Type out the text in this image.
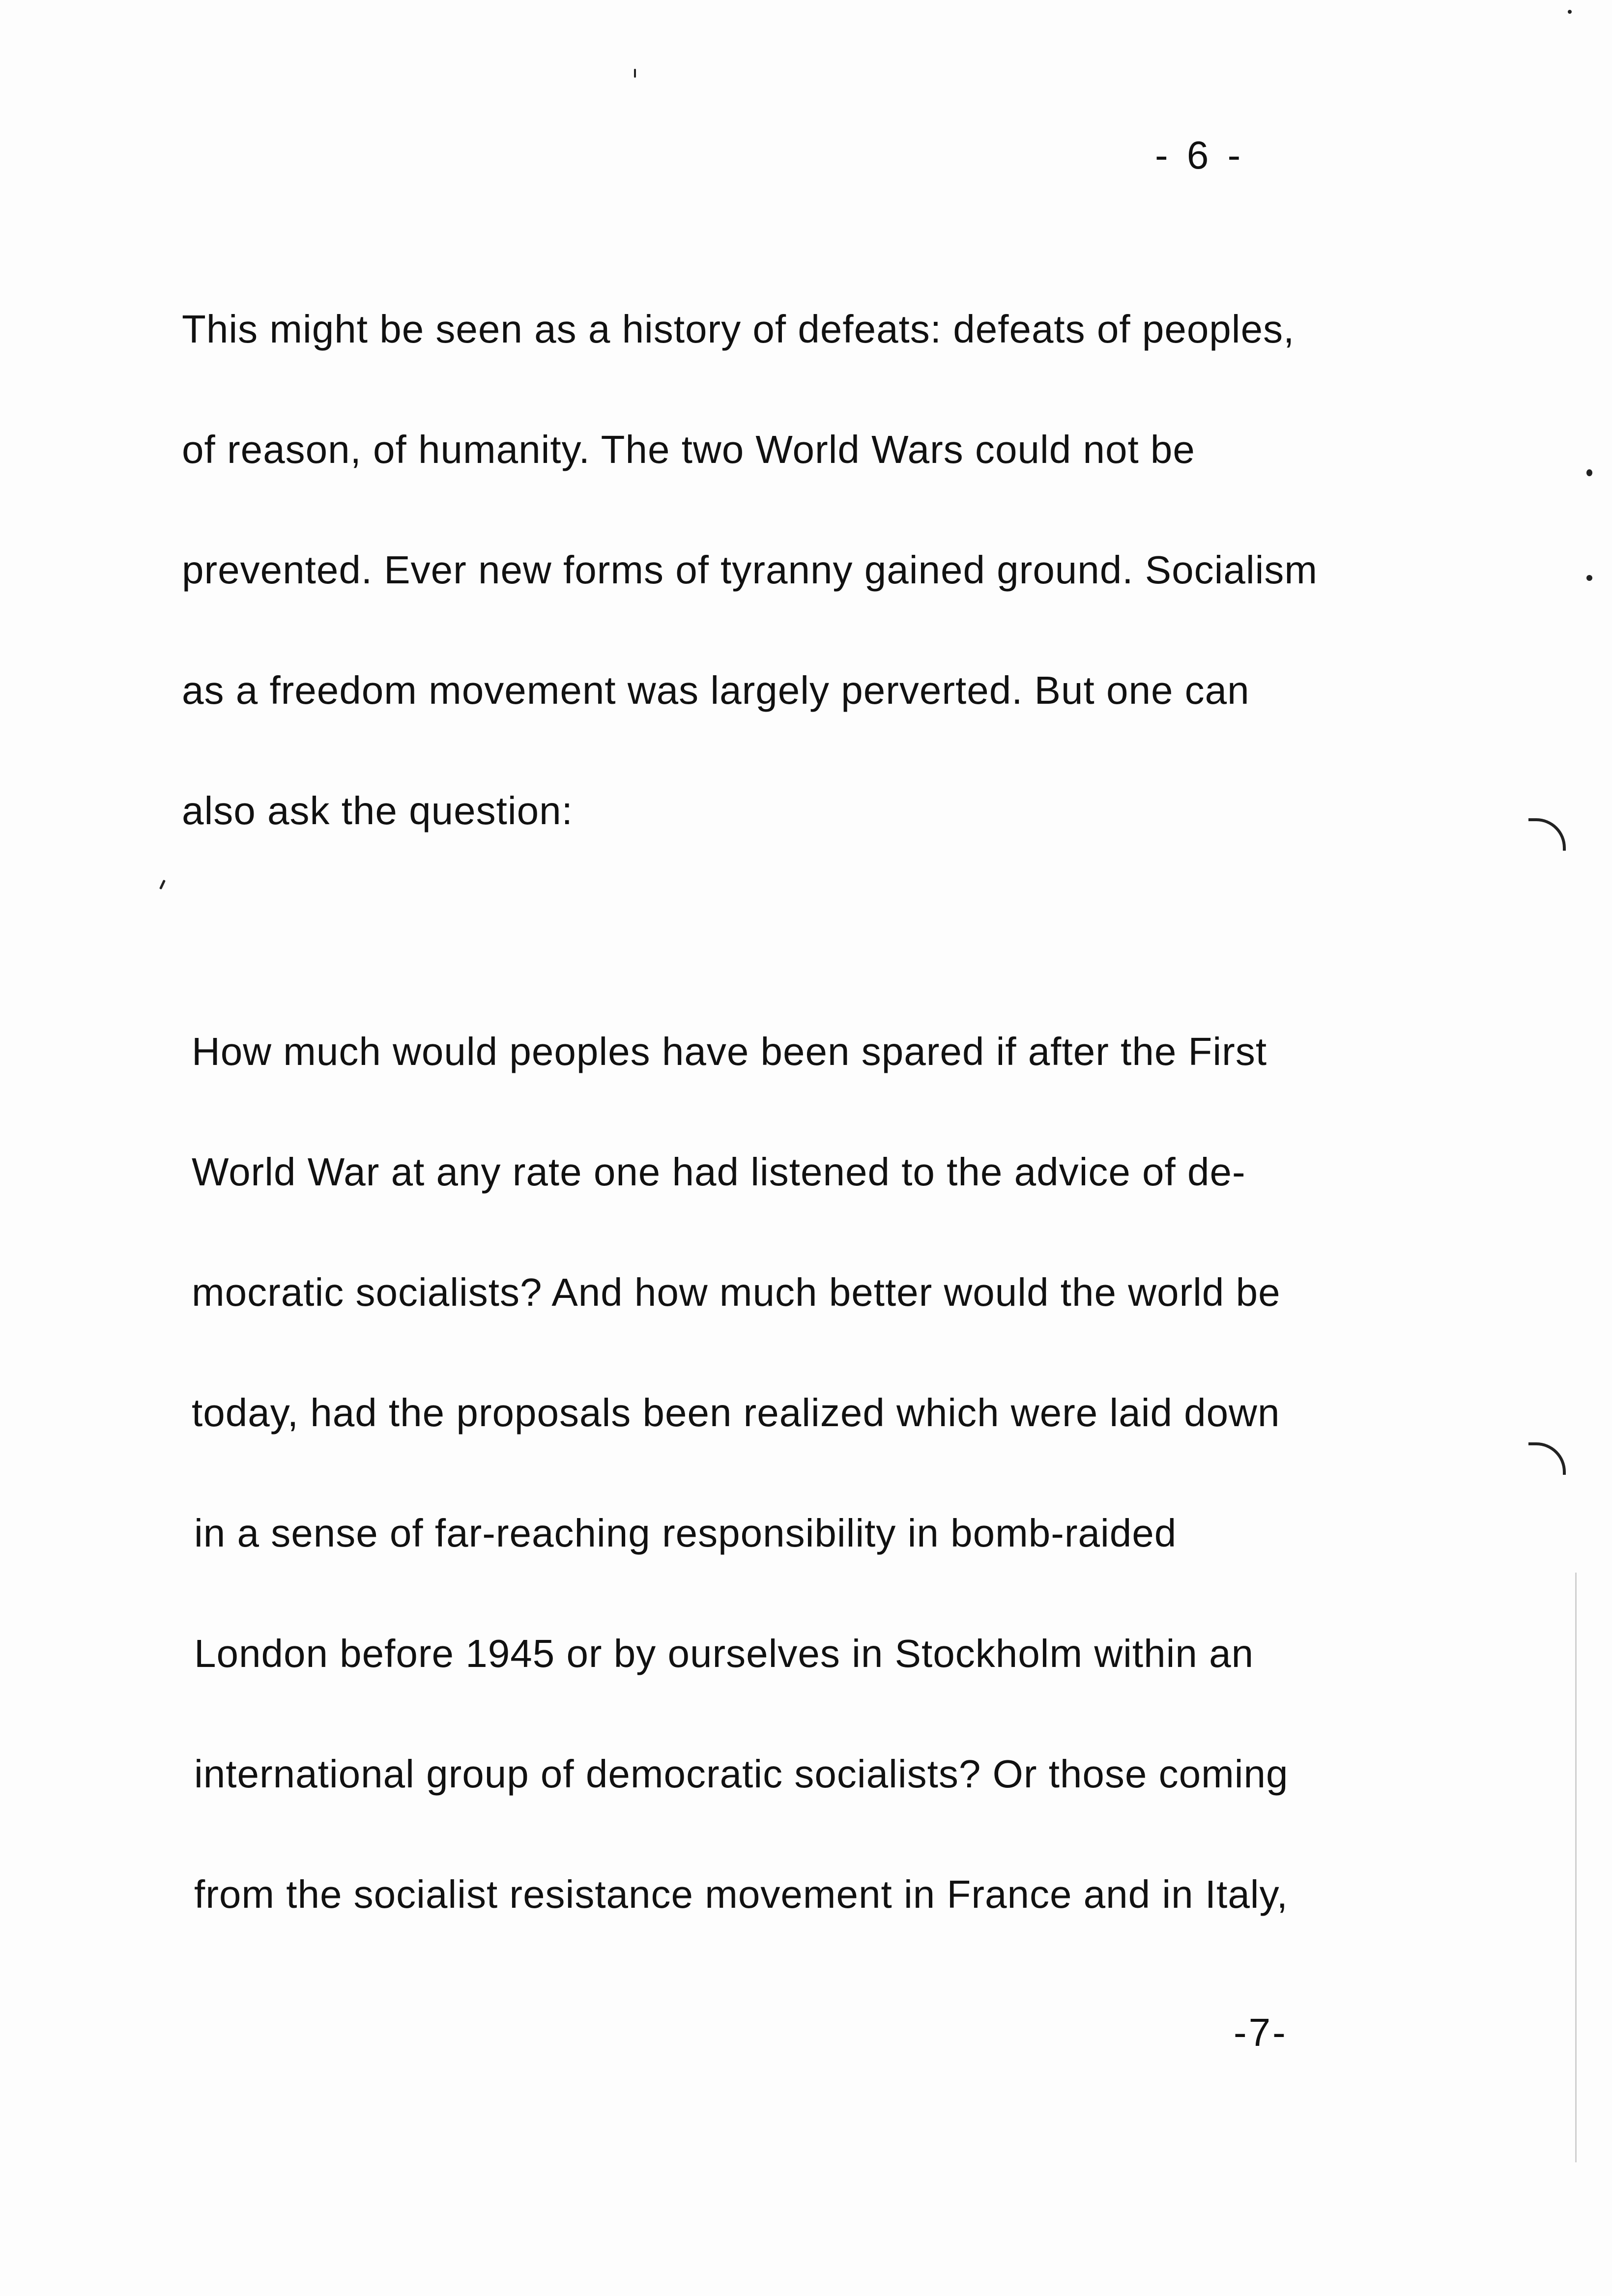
- 6 -
This might be seen as a history of defeats: defeats of peoples,
of reason, of humanity. The two World Wars could not be
prevented. Ever new forms of tyranny gained ground. Socialism
as a freedom movement was largely perverted. But one can
also ask the question:
How much would peoples have been spared if after the First
World War at any rate one had listened to the advice of de-
mocratic socialists? And how much better would the world be
today, had the proposals been realized which were laid down
in a sense of far-reaching responsibility in bomb-raided
London before 1945 or by ourselves in Stockholm within an
international group of democratic socialists? Or those coming
from the socialist resistance movement in France and in Italy,
-7-
